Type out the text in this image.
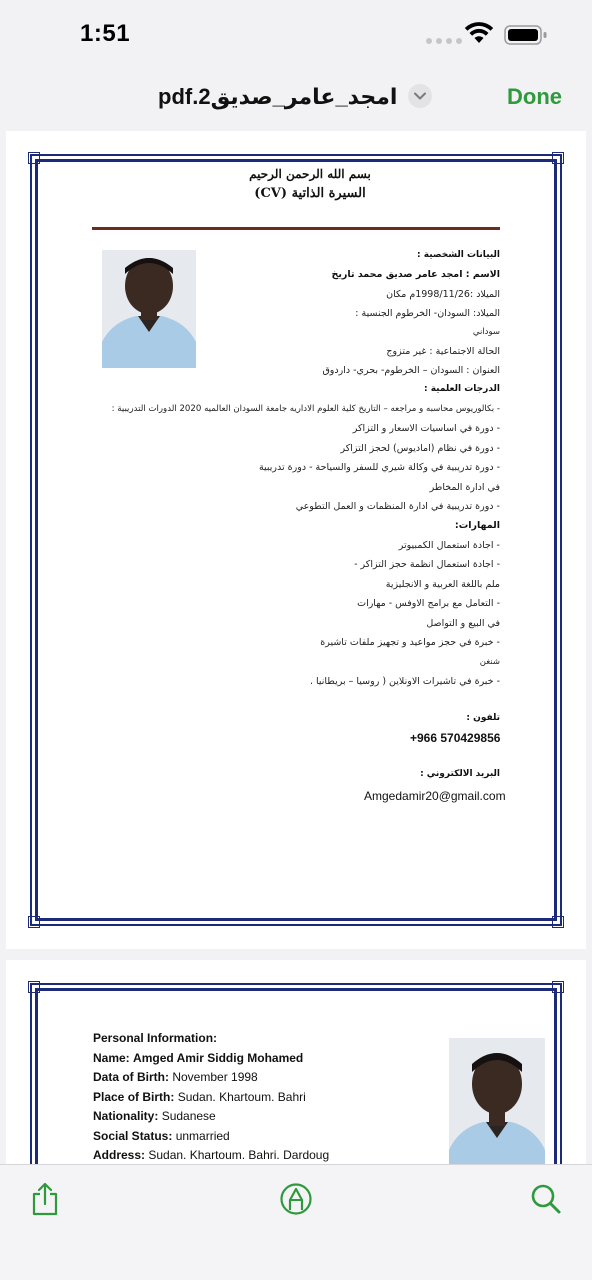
1:51
pdf.2امجد_عامر_صديق	Done
بسم الله الرحمن الرحيم
السيرة الذاتية (CV)
البيانات الشخصية :
الاسم : امجد عامر صديق محمد تاريخ
الميلاد :1998/11/26م مكان
الميلاد: السودان- الخرطوم الجنسية :
سوداني
الحالة الاجتماعية : غير متزوج
العنوان : السودان – الخرطوم- بحري- داردوق
الدرجات العلمية :
- بكالوريوس محاسبه و مراجعه – التاريخ كلية العلوم الاداريه جامعة السودان العالميه 2020 الدورات التدريبية :
- دورة في اساسيات الاسعار و التزاكر
- دورة في نظام (اماديوس) لحجز التزاكر
- دورة تدريبية في وكالة شيري للسفر والسياحة - دورة تدريبية
في ادارة المخاطر
- دورة تدريبية في ادارة المنظمات و العمل التطوعي
المهارات:
- اجادة استعمال الكمبيوتر
- اجادة استعمال انظمة حجز التزاكر -
ملم باللغة العربية و الانجليزية
- التعامل مع برامج الاوفس - مهارات
في البيع و التواصل
- خبرة في حجز مواعيد و تجهيز ملفات تاشيرة
شنغن
- خبرة في تاشيرات الاونلاين ( روسيا – بريطانيا .
تلفون :
+966 570429856
البريد الالكتروني :
Amgedamir20@gmail.com
Personal Information:
Name: Amged Amir Siddig Mohamed
Data of Birth: November 1998
Place of Birth: Sudan. Khartoum. Bahri
Nationality: Sudanese
Social Status: unmarried
Address: Sudan. Khartoum. Bahri. Dardoug
